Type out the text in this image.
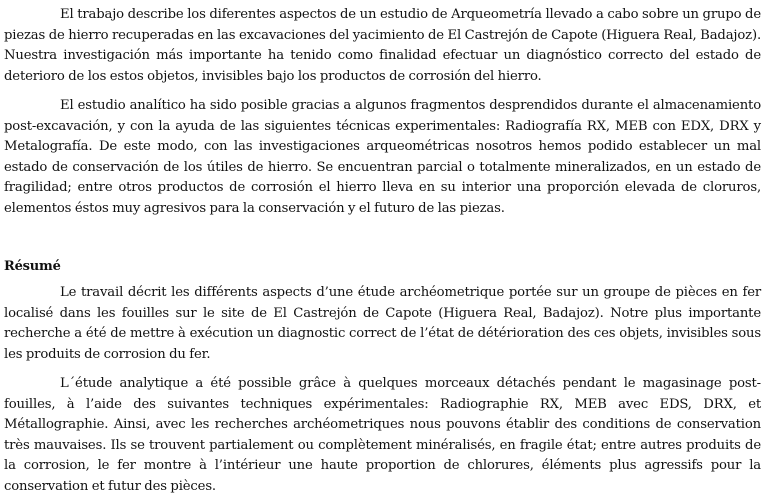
El trabajo describe los diferentes aspectos de un estudio de Arqueometría llevado a cabo sobre un grupo de piezas de hierro recuperadas en las excavaciones del yacimiento de El Castrejón de Capote (Higuera Real, Badajoz). Nuestra investigación más importante ha tenido como finalidad efectuar un diagnóstico correcto del estado de deterioro de los estos objetos, invisibles bajo los productos de corrosión del hierro.

El estudio analítico ha sido posible gracias a algunos fragmentos desprendidos durante el almacenamiento post-excavación, y con la ayuda de las siguientes técnicas experimentales: Radiografía RX, MEB con EDX, DRX y Metalografía. De este modo, con las investigaciones arqueométricas nosotros hemos podido establecer un mal estado de conservación de los útiles de hierro. Se encuentran parcial o totalmente mineralizados, en un estado de fragilidad; entre otros productos de corrosión el hierro lleva en su interior una proporción elevada de cloruros, elementos éstos muy agresivos para la conservación y el futuro de las piezas.

Résumé

Le travail décrit les différents aspects d’une étude archéometrique portée sur un groupe de pièces en fer localisé dans les fouilles sur le site de El Castrejón de Capote (Higuera Real, Badajoz). Notre plus importante recherche a été de mettre à exécution un diagnostic correct de l’état de détérioration des ces objets, invisibles sous les produits de corrosion du fer.

L´étude analytique a été possible grâce à quelques morceaux détachés pendant le magasinage post-fouilles, à l’aide des suivantes techniques expérimentales: Radiographie RX, MEB avec EDS, DRX, et Métallographie. Ainsi, avec les recherches archéometriques nous pouvons établir des conditions de conservation très mauvaises. Ils se trouvent partialement ou complètement minéralisés, en fragile état; entre autres produits de la corrosion, le fer montre à l’intérieur une haute proportion de chlorures, éléments plus agressifs pour la conservation et futur des pièces.
